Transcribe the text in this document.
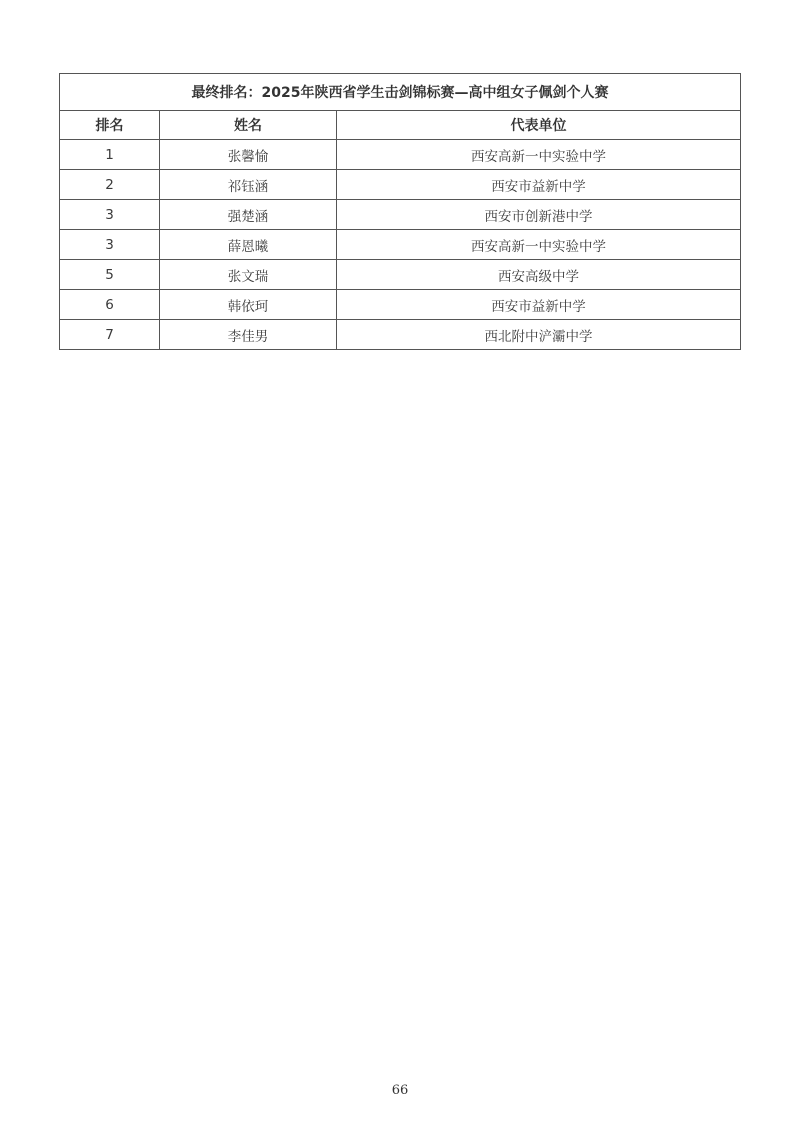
最终排名：2025年陕西省学生击剑锦标赛—高中组女子佩剑个人赛		
排名	姓名	代表单位
1	张馨愉	西安高新一中实验中学
2	祁钰涵	西安市益新中学
3	强楚涵	西安市创新港中学
3	薛恩曦	西安高新一中实验中学
5	张文瑞	西安高级中学
6	韩依珂	西安市益新中学
7	李佳男	西北附中浐灞中学
66
